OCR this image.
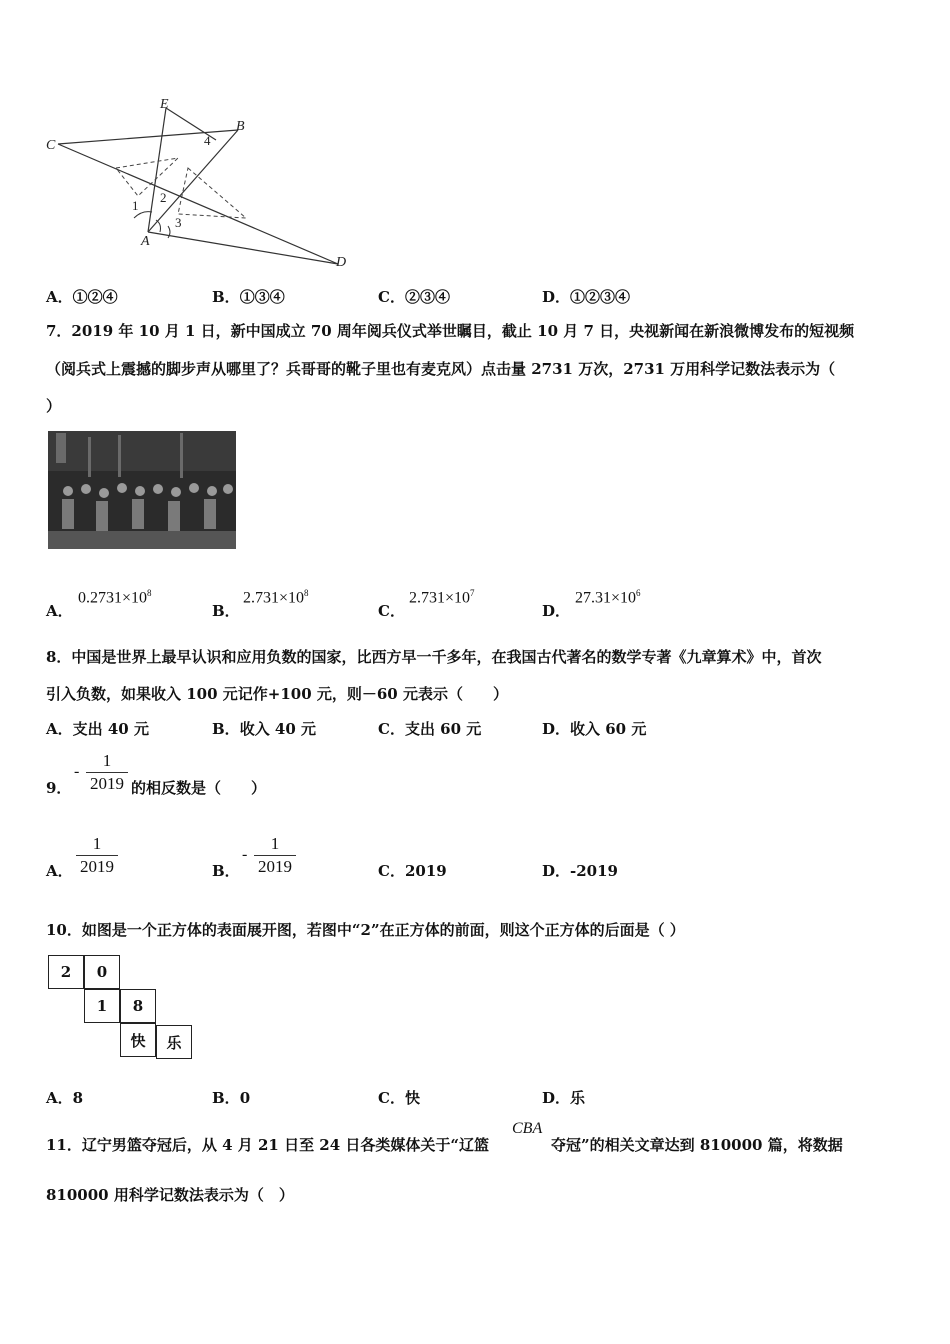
C
E
B
D
A
1
2
3
4
A．①②④	B．①③④	C．②③④	D．①②③④
7．2019 年 10 月 1 日，新中国成立 70 周年阅兵仪式举世瞩目，截止 10 月 7 日，央视新闻在新浪微博发布的短视频
（阅兵式上震撼的脚步声从哪里了？兵哥哥的靴子里也有麦克风）点击量 2731 万次，2731 万用科学记数法表示为（
）
A．
$0.2731\times 10^8$
B．
$2.731\times 10^8$
C．
$2.731\times 10^7$
D．
$27.31\times 10^6$
8．中国是世界上最早认识和应用负数的国家，比西方早一千多年，在我国古代著名的数学专著《九章算术》中，首次
引入负数，如果收入 100 元记作+100 元，则－60 元表示（　　）
A．支出 40 元	B．收入 40 元	C．支出 60 元	D．收入 60 元
9．
-
1
2019 的相反数是（　　）
A．
1
2019	B．
-
1
2019	C．2019	D．-2019
10．如图是一个正方体的表面展开图，若图中“2”在正方体的前面，则这个正方体的后面是（ ）
2	0
1	8
快	乐
A．8	B．0	C．快	D．乐
11．辽宁男篮夺冠后，从 4 月 21 日至 24 日各类媒体关于“辽篮
CBA
夺冠”的相关文章达到 810000 篇，将数据
810000 用科学记数法表示为（　）
